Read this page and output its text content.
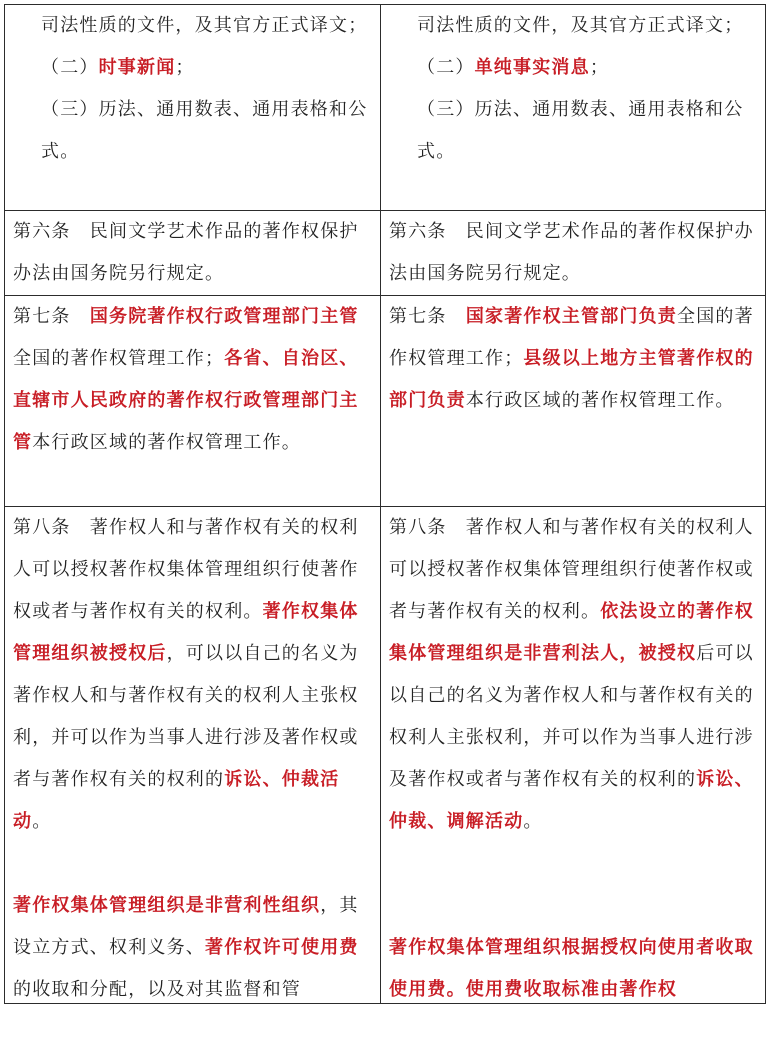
司法性质的文件，及其官方正式译文；

（二）时事新闻；

（三）历法、通用数表、通用表格和公式。

司法性质的文件，及其官方正式译文；

（二）单纯事实消息；

（三）历法、通用数表、通用表格和公式。

第六条　民间文学艺术作品的著作权保护办法由国务院另行规定。

第六条　民间文学艺术作品的著作权保护办法由国务院另行规定。

第七条　国务院著作权行政管理部门主管全国的著作权管理工作；各省、自治区、直辖市人民政府的著作权行政管理部门主管本行政区域的著作权管理工作。

第七条　国家著作权主管部门负责全国的著作权管理工作；县级以上地方主管著作权的部门负责本行政区域的著作权管理工作。

第八条　著作权人和与著作权有关的权利人可以授权著作权集体管理组织行使著作权或者与著作权有关的权利。著作权集体管理组织被授权后，可以以自己的名义为著作权人和与著作权有关的权利人主张权利，并可以作为当事人进行涉及著作权或者与著作权有关的权利的诉讼、仲裁活动。

著作权集体管理组织是非营利性组织，其设立方式、权利义务、著作权许可使用费的收取和分配，以及对其监督和管

第八条　著作权人和与著作权有关的权利人可以授权著作权集体管理组织行使著作权或者与著作权有关的权利。依法设立的著作权集体管理组织是非营利法人，被授权后可以以自己的名义为著作权人和与著作权有关的权利人主张权利，并可以作为当事人进行涉及著作权或者与著作权有关的权利的诉讼、仲裁、调解活动。

著作权集体管理组织根据授权向使用者收取使用费。使用费收取标准由著作权
